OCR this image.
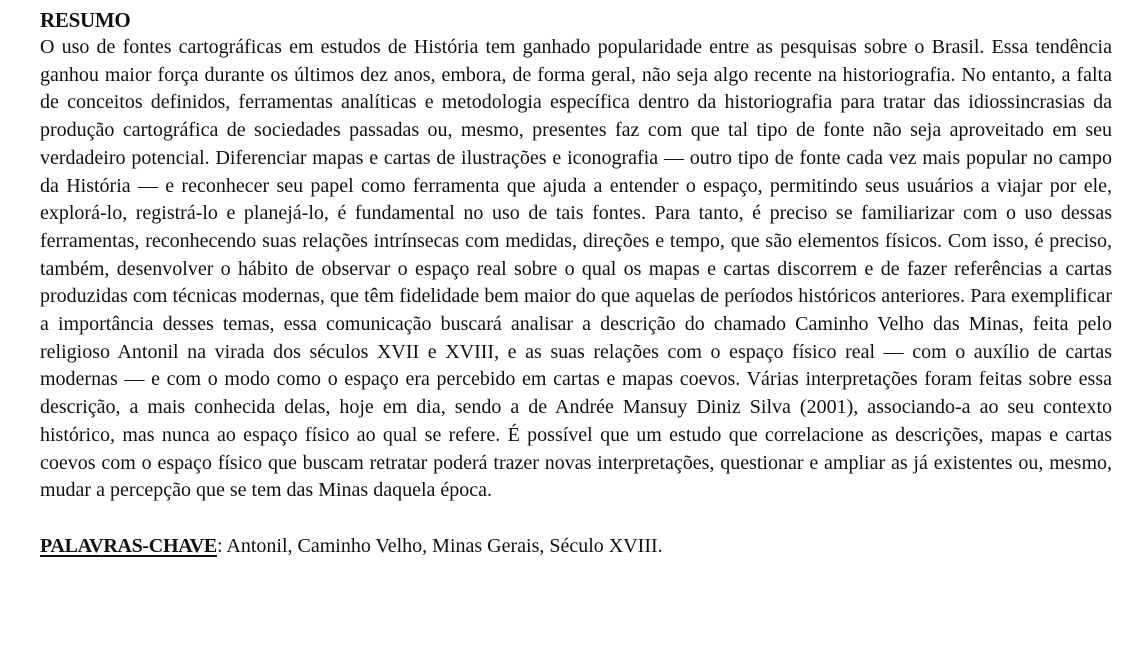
RESUMO

O uso de fontes cartográficas em estudos de História tem ganhado popularidade entre as pesquisas sobre o Brasil. Essa tendência ganhou maior força durante os últimos dez anos, embora, de forma geral, não seja algo recente na historiografia. No entanto, a falta de conceitos definidos, ferramentas analíticas e metodologia específica dentro da historiografia para tratar das idiossincrasias da produção cartográfica de sociedades passadas ou, mesmo, presentes faz com que tal tipo de fonte não seja aproveitado em seu verdadeiro potencial. Diferenciar mapas e cartas de ilustrações e iconografia — outro tipo de fonte cada vez mais popular no campo da História — e reconhecer seu papel como ferramenta que ajuda a entender o espaço, permitindo seus usuários a viajar por ele, explorá-lo, registrá-lo e planejá-lo, é fundamental no uso de tais fontes. Para tanto, é preciso se familiarizar com o uso dessas ferramentas, reconhecendo suas relações intrínsecas com medidas, direções e tempo, que são elementos físicos. Com isso, é preciso, também, desenvolver o hábito de observar o espaço real sobre o qual os mapas e cartas discorrem e de fazer referências a cartas produzidas com técnicas modernas, que têm fidelidade bem maior do que aquelas de períodos históricos anteriores. Para exemplificar a importância desses temas, essa comunicação buscará analisar a descrição do chamado Caminho Velho das Minas, feita pelo religioso Antonil na virada dos séculos XVII e XVIII, e as suas relações com o espaço físico real — com o auxílio de cartas modernas — e com o modo como o espaço era percebido em cartas e mapas coevos. Várias interpretações foram feitas sobre essa descrição, a mais conhecida delas, hoje em dia, sendo a de Andrée Mansuy Diniz Silva (2001), associando-a ao seu contexto histórico, mas nunca ao espaço físico ao qual se refere. É possível que um estudo que correlacione as descrições, mapas e cartas coevos com o espaço físico que buscam retratar poderá trazer novas interpretações, questionar e ampliar as já existentes ou, mesmo, mudar a percepção que se tem das Minas daquela época.

PALAVRAS-CHAVE: Antonil, Caminho Velho, Minas Gerais, Século XVIII.
